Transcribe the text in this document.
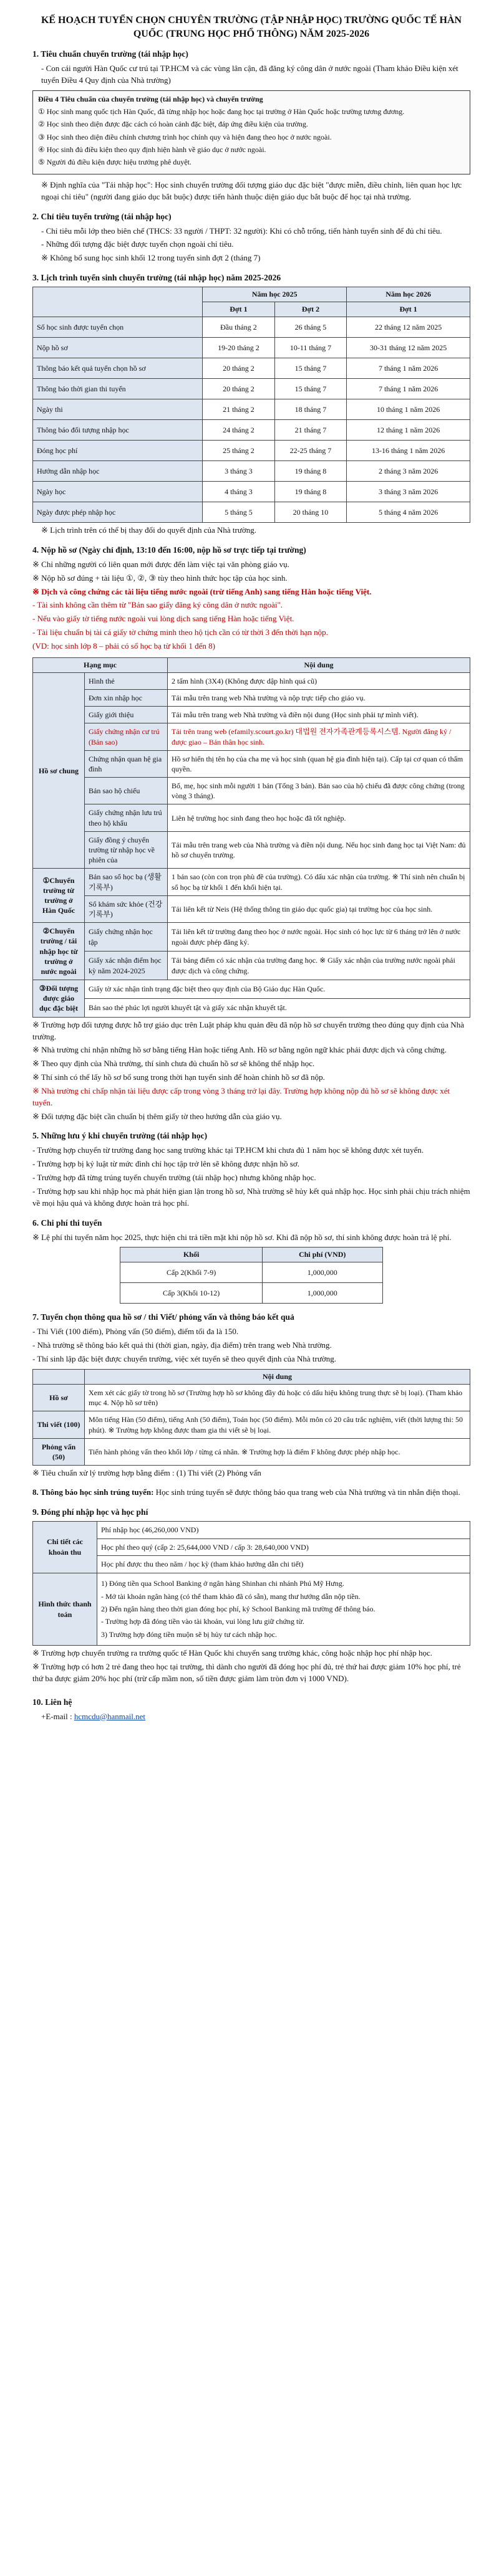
KẾ HOẠCH TUYỂN CHỌN CHUYÊN TRƯỜNG (TẬP NHẬP HỌC) TRƯỜNG QUỐC TẾ HÀN QUỐC (TRUNG HỌC PHỔ THÔNG) NĂM 2025-2026
1. Tiêu chuẩn chuyển trường (tái nhập học)

- Con cái người Hàn Quốc cư trú tại TP.HCM và các vùng lân cận, đã đăng ký công dân ở nước ngoài (Tham khảo Điều kiện xét tuyển Điều 4 Quy định của Nhà trường)

Điều 4 Tiêu chuẩn của chuyển trường (tái nhập học) và chuyển trường

① Học sinh mang quốc tịch Hàn Quốc, đã từng nhập học hoặc đang học tại trường ở Hàn Quốc hoặc trường tương đương.

② Học sinh theo diện được đặc cách có hoàn cảnh đặc biệt, đáp ứng điều kiện của trường.

③ Học sinh theo diện điều chỉnh chương trình học chính quy và hiện đang theo học ở nước ngoài.

④ Học sinh đủ điều kiện theo quy định hiện hành về giáo dục ở nước ngoài.

⑤ Người đủ điều kiện được hiệu trưởng phê duyệt.

※ Định nghĩa của "Tái nhập học": Học sinh chuyển trường đối tượng giáo dục đặc biệt "được miễn, điều chỉnh, liên quan học lực ngoại chỉ tiêu" (người đang giáo dục bắt buộc) được tiến hành thuộc diện giáo dục bắt buộc để học tại nhà trường.

2. Chỉ tiêu tuyển trường (tái nhập học)

- Chỉ tiêu mỗi lớp theo biên chế (THCS: 33 người / THPT: 32 người): Khi có chỗ trống, tiến hành tuyển sinh để đủ chỉ tiêu.

- Những đối tượng đặc biệt được tuyển chọn ngoài chỉ tiêu.

※ Không bổ sung học sinh khối 12 trong tuyển sinh đợt 2 (tháng 7)

3. Lịch trình tuyển sinh chuyển trường (tái nhập học) năm 2025-2026
	Năm học 2025		Năm học 2026
	Đợt 1	Đợt 2	Đợt 1
Số học sinh được tuyển chọn	Đầu tháng 2	26 tháng 5	22 tháng 12 năm 2025
Nộp hồ sơ	19-20 tháng 2	10-11 tháng 7	30-31 tháng 12 năm 2025
Thông báo kết quả tuyển chọn hồ sơ	20 tháng 2	15 tháng 7	7 tháng 1 năm 2026
Thông báo thời gian thi tuyển	20 tháng 2	15 tháng 7	7 tháng 1 năm 2026
Ngày thi	21 tháng 2	18 tháng 7	10 tháng 1 năm 2026
Thông báo đối tượng nhập học	24 tháng 2	21 tháng 7	12 tháng 1 năm 2026
Đóng học phí	25 tháng 2	22-25 tháng 7	13-16 tháng 1 năm 2026
Hướng dẫn nhập học	3 tháng 3	19 tháng 8	2 tháng 3 năm 2026
Ngày học	4 tháng 3	19 tháng 8	3 tháng 3 năm 2026
Ngày được phép nhập học	5 tháng 5	20 tháng 10	5 tháng 4 năm 2026

※ Lịch trình trên có thể bị thay đổi do quyết định của Nhà trường.

4. Nộp hồ sơ (Ngày chỉ định, 13:10 đến 16:00, nộp hồ sơ trực tiếp tại trường)

※ Chỉ những người có liên quan mới được đến làm việc tại văn phòng giáo vụ.

※ Nộp hồ sơ đúng + tài liệu ①, ②, ③ tùy theo hình thức học tập của học sinh.

※ Dịch và công chứng các tài liệu tiếng nước ngoài (trừ tiếng Anh) sang tiếng Hàn hoặc tiếng Việt.

- Tài sinh không cần thêm từ "Bản sao giấy đăng ký công dân ở nước ngoài".

- Nếu vào giấy tờ tiếng nước ngoài vui lòng dịch sang tiếng Hàn hoặc tiếng Việt.

- Tài liệu chuẩn bị tài cá giấy tờ chứng minh theo hộ tịch cần có từ thời 3 đến thời hạn nộp.

(VD: học sinh lớp 8 – phải có sổ học bạ từ khối 1 đến 8)

Hạng mục		Nội dung
Hồ sơ chung	Hình thẻ	2 tấm hình (3X4) (Không được dập hình quá cũ)
	Đơn xin nhập học	Tải mẫu trên trang web Nhà trường và nộp trực tiếp cho giáo vụ.
	Giấy giới thiệu	Tải mẫu trên trang web Nhà trường và điền nội dung (Học sinh phải tự mình viết).
	Giấy chứng nhận cư trú (Bản sao)	Tải trên trang web (efamily.scourt.go.kr) 대법원 전자가족관계등록시스템. Người đăng ký / được giao – Bản thân học sinh.
	Chứng nhận quan hệ gia đình	Hồ sơ hiển thị tên họ của cha mẹ và học sinh (quan hệ gia đình hiện tại). Cấp tại cơ quan có thẩm quyền.
	Bản sao hộ chiếu	Bố, mẹ, học sinh mỗi người 1 bản (Tổng 3 bản). Bản sao của hộ chiếu đã được công chứng (trong vòng 3 tháng).
	Giấy chứng nhận lưu trú theo hộ khẩu	Liên hệ trường học sinh đang theo học hoặc đã tốt nghiệp.
	Giấy đồng ý chuyển trường từ nhập học về phiên của	Tải mẫu trên trang web của Nhà trường và điền nội dung. Nếu học sinh đang học tại Việt Nam: đủ hồ sơ chuyển trường.
①Chuyển trường từ trường ở Hàn Quốc	Bản sao sổ học bạ (생활기록부)	1 bản sao (còn con trọn phù đề của trường). Có dấu xác nhận của trường. ※ Thí sinh nên chuẩn bị sổ học bạ từ khối 1 đến khối hiện tại.
	Sổ khám sức khỏe (건강기록부)	Tải liên kết từ Neis (Hệ thống thông tin giáo dục quốc gia) tại trường học của học sinh.
②Chuyển trường / tái nhập học từ trường ở nước ngoài	Giấy chứng nhận học tập	Tải liên kết từ trường đang theo học ở nước ngoài. Học sinh có học lực từ 6 tháng trở lên ở nước ngoài được phép đăng ký.
	Giấy xác nhận điểm học kỳ năm 2024-2025	Tải bảng điểm có xác nhận của trường đang học. ※ Giấy xác nhận của trường nước ngoài phải được dịch và công chứng.
③Đối tượng được giáo dục đặc biệt	Giấy tờ xác nhận tình trạng đặc biệt theo quy định của Bộ Giáo dục Hàn Quốc.	
	Bản sao thẻ phúc lợi người khuyết tật và giấy xác nhận khuyết tật.	

※ Trường hợp đối tượng được hỗ trợ giáo dục trên Luật pháp khu quản đều đã nộp hồ sơ chuyển trường theo đúng quy định của Nhà trường.

※ Nhà trường chỉ nhận những hồ sơ bằng tiếng Hàn hoặc tiếng Anh. Hồ sơ bằng ngôn ngữ khác phải được dịch và công chứng.

※ Theo quy định của Nhà trường, thí sinh chưa đủ chuẩn hồ sơ sẽ không thể nhập học.

※ Thí sinh có thể lấy hồ sơ bổ sung trong thời hạn tuyển sinh để hoàn chỉnh hồ sơ đã nộp.

※ Nhà trường chỉ chấp nhận tài liệu được cấp trong vòng 3 tháng trở lại đây. Trường hợp không nộp đủ hồ sơ sẽ không được xét tuyển.

※ Đối tượng đặc biệt cần chuẩn bị thêm giấy tờ theo hướng dẫn của giáo vụ.

5. Những lưu ý khi chuyển trường (tái nhập học)

- Trường hợp chuyển từ trường đang học sang trường khác tại TP.HCM khi chưa đủ 1 năm học sẽ không được xét tuyển.

- Trường hợp bị kỷ luật từ mức đình chỉ học tập trở lên sẽ không được nhận hồ sơ.

- Trường hợp đã từng trúng tuyển chuyển trường (tái nhập học) nhưng không nhập học.

- Trường hợp sau khi nhập học mà phát hiện gian lận trong hồ sơ, Nhà trường sẽ hủy kết quả nhập học. Học sinh phải chịu trách nhiệm về mọi hậu quả và không được hoàn trả học phí.

6. Chi phí thi tuyển

※ Lệ phí thi tuyển năm học 2025, thực hiện chi trả tiền mặt khi nộp hồ sơ. Khi đã nộp hồ sơ, thí sinh không được hoàn trả lệ phí.

Khối	Chi phí (VND)
Cấp 2(Khối 7-9)	1,000,000
Cấp 3(Khối 10-12)	1,000,000
7. Tuyển chọn thông qua hồ sơ / thi Viết/ phỏng vấn và thông báo kết quả

- Thi Viết (100 điểm), Phỏng vấn (50 điểm), điểm tối đa là 150.

- Nhà trường sẽ thông báo kết quả thi (thời gian, ngày, địa điểm) trên trang web Nhà trường.

- Thí sinh lập đặc biệt được chuyển trường, việc xét tuyển sẽ theo quyết định của Nhà trường.

	Nội dung
Hồ sơ	Xem xét các giấy tờ trong hồ sơ (Trường hợp hồ sơ không đầy đủ hoặc có dấu hiệu không trung thực sẽ bị loại). (Tham khảo mục 4. Nộp hồ sơ trên)
Thi viết (100)	Môn tiếng Hàn (50 điểm), tiếng Anh (50 điểm), Toán học (50 điểm). Mỗi môn có 20 câu trắc nghiệm, viết (thời lượng thi: 50 phút). ※ Trường hợp không được tham gia thi viết sẽ bị loại.
Phỏng vấn (50)	Tiến hành phỏng vấn theo khối lớp / từng cá nhân. ※ Trường hợp là điểm F không được phép nhập học.

※ Tiêu chuẩn xử lý trường hợp bằng điểm : (1) Thi viết (2) Phỏng vấn

8. Thông báo học sinh trúng tuyển: Học sinh trúng tuyển sẽ được thông báo qua trang web của Nhà trường và tin nhắn điện thoại.

9. Đóng phí nhập học và học phí
Chi tiết các khoản thu	Phí nhập học (46,260,000 VND)
	Học phí theo quý (cấp 2: 25,644,000 VND / cấp 3: 28,640,000 VND)
	Học phí được thu theo năm / học kỳ (tham khảo hướng dẫn chi tiết)
Hình thức thanh toán	1) Đóng tiền qua School Banking ở ngân hàng Shinhan chi nhánh Phú Mỹ Hưng.

- Mở tài khoản ngân hàng (có thể tham khảo đã có sẵn), mang thư hướng dẫn nộp tiền.

2) Đến ngân hàng theo thời gian đóng học phí, ký School Banking mã trường để thông báo.

- Trường hợp đã đóng tiền vào tài khoản, vui lòng lưu giữ chứng từ.

3) Trường hợp đóng tiền muộn sẽ bị hủy tư cách nhập học.

※ Trường hợp chuyển trường ra trường quốc tế Hàn Quốc khi chuyển sang trường khác, công hoặc nhập học phí nhập học.

※ Trường hợp có hơn 2 trẻ đang theo học tại trường, thì dành cho người đã đóng học phí đủ, trẻ thứ hai được giảm 10% học phí, trẻ thứ ba được giảm 20% học phí (trừ cấp mầm non, số tiền được giảm làm tròn đơn vị 1000 VND).

10. Liên hệ

+E-mail : hcmcdu@hanmail.net
